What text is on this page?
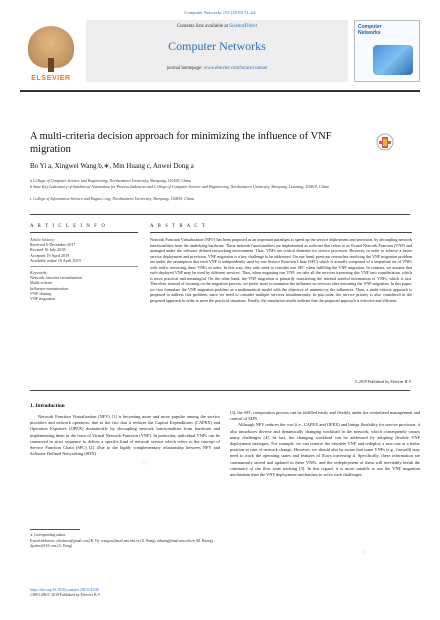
Computer Networks 155 (2019) 51–62
ELSEVIER
Contents lists available at ScienceDirect
Computer Networks
journal homepage: www.elsevier.com/locate/comnet
Computer
Networks
A multi-criteria decision approach for minimizing the influence of VNF migration
Bo Yi a, Xingwei Wang b,∗, Min Huang c, Anwei Dong a
a College of Computer Science and Engineering, Northeastern University, Shenyang, 110169, China
b State Key Laboratory of Synthetical Automation for Process Industries and College of Computer Science and Engineering, Northeastern University, Shenyang, Liaoning, 110819, China
c College of Information Science and Engineering, Northeastern University, Shenyang, 110819, China
A R T I C L E I N F O	A B S T R A C T
Article history:
Received 6 December 2017
Revised 16 July 2018
Accepted 19 April 2019
Available online 19 April 2019
Keywords:
Network function virtualization
Multi-criteria
Influence minimization
VNF sharing
VNF migration
Network Function Virtualization (NFV) has been proposed as an important paradigm to speed up the service deployment and provision, by decoupling network functionalities from the underlying hardware. These network functionalities are implemented as software that refers to as Virtual Network Function (VNF) and managed under the software defined networking environment. Thus, VNFs are critical elements for service provision. However, in order to achieve a better service deployment and provision, VNF migration is a key challenge to be addressed. On one hand, previous researches resolving the VNF migration problem are under the assumption that each VNF is independently used by one Service Function Chain (SFC) which is actually composed of a sequential set of VNFs with traffic traversing these VNFs in order. In this way, they only need to consider one SFC when fulfilling the VNF migration. In contrast, we assume that each deployed VNF may be used by different services. Thus, when migrating one VNF, we take all the services traversing this VNF into consideration, which is more practical and meaningful. On the other hand, the VNF migration is primarily transferring the internal stateful information of VNFs, which is fast. Therefore, instead of focusing on the migration process, we prefer more to minimize the influence on services after executing the VNF migration. In this paper, we first formulate the VNF migration problem as a mathematical model with the objective of minimizing the influences. Then, a multi-criteria approach is proposed to address this problem; since we need to consider multiple services simultaneously. In particular, the service priority is also considered in the proposed approach in order to meet the practical situations. Finally, the simulation results indicate that the proposed approach is effective and efficient.
© 2019 Published by Elsevier B.V.
1. Introduction
Network Function Virtualization (NFV) [1] is becoming more and more popular among the service providers and network operators, due to the fact that it reduces the Capital Expenditures (CAPEX) and Operation Expenses (OPEX) dramatically by decoupling network functionalities from hardware and implementing them in the form of Virtual Network Function (VNF). In particular, individual VNFs can be connected in strict sequence to deliver a specific kind of network service which refers to the concept of Service Function Chain (SFC) [2]. Due to the highly complementary relationship between NFV and Software Defined Networking (SDN)

[3], the SFC composition process can be fulfilled easily and flexibly under the centralized management and control of SDN.

Although NFV reduces the cost (i.e., CAPEX and OPEX) and brings flexibility for service provision, it also introduces diverse and dynamically changing workload in the network, which consequently causes many challenges [4]. In fact, the changing workload can be addressed by adopting flexible VNF deployment strategies. For example, we can remove the obsolete VNF and redeploy a new one at a better position in case of network change. However, we should also be aware that some VNFs (e.g., firewall) may need to track the operating states and features of flows traversing it. Specifically, these information are continuously stored and updated in these VNFs, and the redeployment of them will inevitably break the continuity of the flow state tracking [5]. In this regard, it is more suitable to use the VNF migration mechanism than the VNF deployment mechanism to solve such challenges.

∗ Corresponding author.
E-mail addresses: yibobooo@gmail.com (B. Yi), wangxw@mail.neu.edu.cn (X. Wang), mhuang@mail.neu.edu.cn (M. Huang), djydaw@163.com (A. Dong).
https://doi.org/10.1016/j.comnet.2019.04.030
1389-1286/© 2019 Published by Elsevier B.V.
✦
✦
✦
✦
